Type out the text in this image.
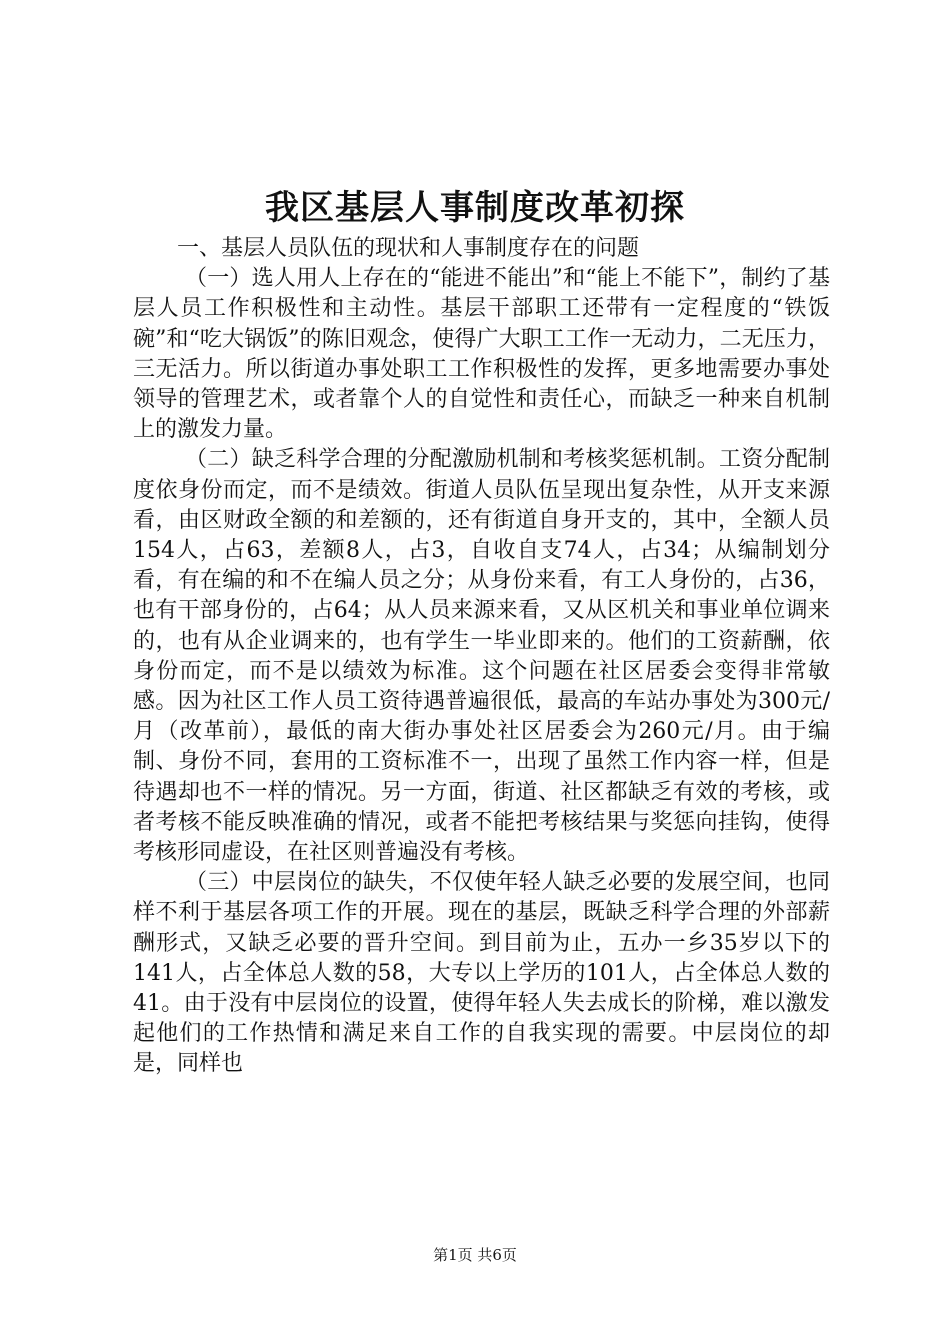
我区基层人事制度改革初探

一、基层人员队伍的现状和人事制度存在的问题

（一）选人用人上存在的“能进不能出”和“能上不能下”，制约了基层人员工作积极性和主动性。基层干部职工还带有一定程度的“铁饭碗”和“吃大锅饭”的陈旧观念，使得广大职工工作一无动力，二无压力，三无活力。所以街道办事处职工工作积极性的发挥，更多地需要办事处领导的管理艺术，或者靠个人的自觉性和责任心，而缺乏一种来自机制上的激发力量。

（二）缺乏科学合理的分配激励机制和考核奖惩机制。工资分配制度依身份而定，而不是绩效。街道人员队伍呈现出复杂性，从开支来源看，由区财政全额的和差额的，还有街道自身开支的，其中，全额人员154人，占63，差额8人，占3，自收自支74人，占34；从编制划分看，有在编的和不在编人员之分；从身份来看，有工人身份的，占36，也有干部身份的，占64；从人员来源来看，又从区机关和事业单位调来的，也有从企业调来的，也有学生一毕业即来的。他们的工资薪酬，依身份而定，而不是以绩效为标准。这个问题在社区居委会变得非常敏感。因为社区工作人员工资待遇普遍很低，最高的车站办事处为300元/月（改革前），最低的南大街办事处社区居委会为260元/月。由于编制、身份不同，套用的工资标准不一，出现了虽然工作内容一样，但是待遇却也不一样的情况。另一方面，街道、社区都缺乏有效的考核，或者考核不能反映准确的情况，或者不能把考核结果与奖惩向挂钩，使得考核形同虚设，在社区则普遍没有考核。

（三）中层岗位的缺失，不仅使年轻人缺乏必要的发展空间，也同样不利于基层各项工作的开展。现在的基层，既缺乏科学合理的外部薪酬形式，又缺乏必要的晋升空间。到目前为止，五办一乡35岁以下的141人，占全体总人数的58，大专以上学历的101人，占全体总人数的41。由于没有中层岗位的设置，使得年轻人失去成长的阶梯，难以激发起他们的工作热情和满足来自工作的自我实现的需要。中层岗位的却是，同样也

第1页 共6页
